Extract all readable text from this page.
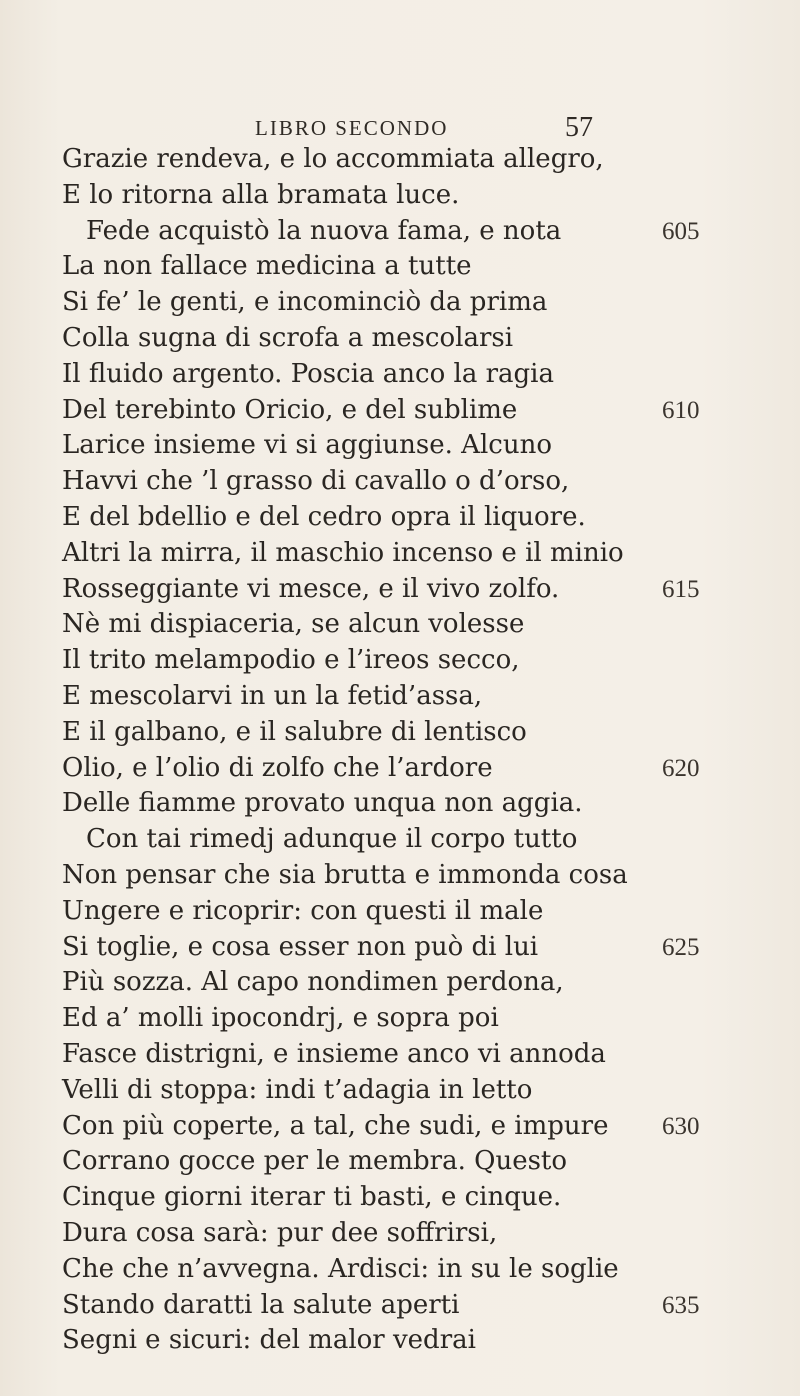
LIBRO SECONDO	57
Grazie rendeva, e lo accommiata allegro,
E lo ritorna alla bramata luce.
Fede acquistò la nuova fama, e nota	605
La non fallace medicina a tutte
Si fe’ le genti, e incominciò da prima
Colla sugna di scrofa a mescolarsi
Il fluido argento. Poscia anco la ragia
Del terebinto Oricio, e del sublime	610
Larice insieme vi si aggiunse. Alcuno
Havvi che ’l grasso di cavallo o d’orso,
E del bdellio e del cedro opra il liquore.
Altri la mirra, il maschio incenso e il minio
Rosseggiante vi mesce, e il vivo zolfo.	615
Nè mi dispiaceria, se alcun volesse
Il trito melampodio e l’ireos secco,
E mescolarvi in un la fetid’assa,
E il galbano, e il salubre di lentisco
Olio, e l’olio di zolfo che l’ardore	620
Delle fiamme provato unqua non aggia.
Con tai rimedj adunque il corpo tutto
Non pensar che sia brutta e immonda cosa
Ungere e ricoprir: con questi il male
Si toglie, e cosa esser non può di lui	625
Più sozza. Al capo nondimen perdona,
Ed a’ molli ipocondrj, e sopra poi
Fasce distrigni, e insieme anco vi annoda
Velli di stoppa: indi t’adagia in letto
Con più coperte, a tal, che sudi, e impure 630
Corrano gocce per le membra. Questo
Cinque giorni iterar ti basti, e cinque.
Dura cosa sarà: pur dee soffrirsi,
Che che n’avvegna. Ardisci: in su le soglie
Stando daratti la salute aperti	635
Segni e sicuri: del malor vedrai
